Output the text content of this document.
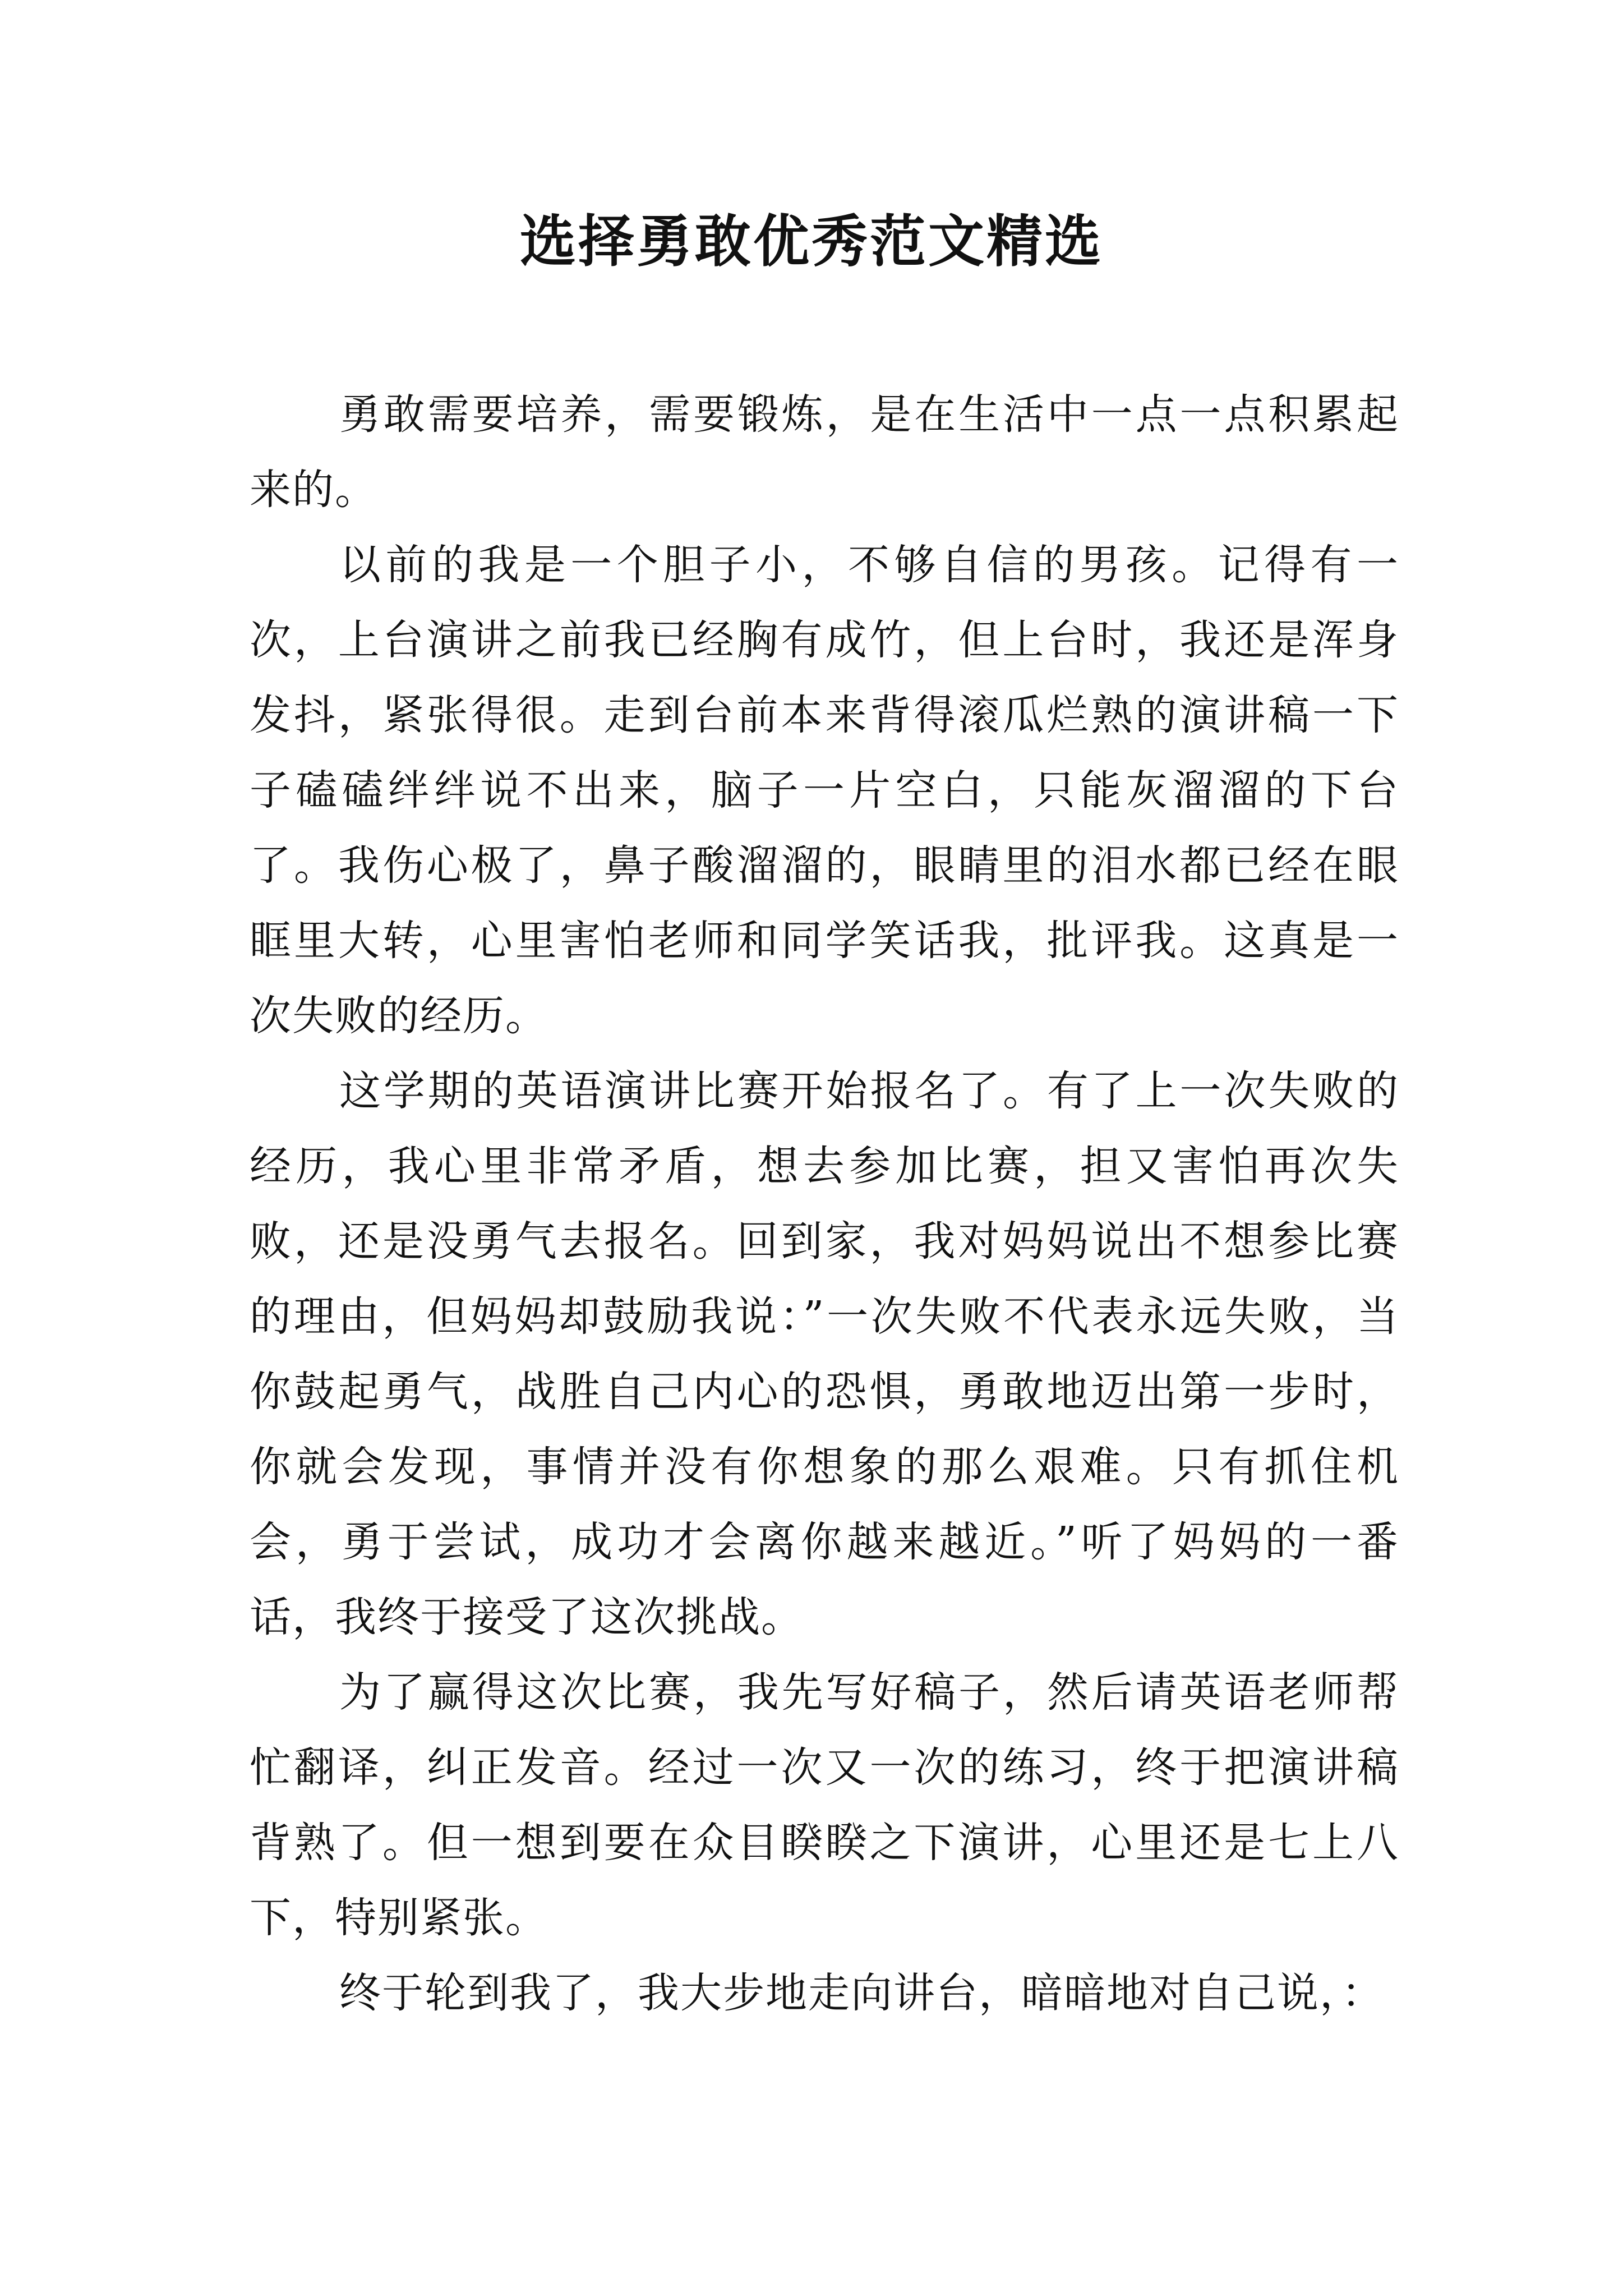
选择勇敢优秀范文精选

勇敢需要培养，需要锻炼，是在生活中一点一点积累起来的。

以前的我是一个胆子小，不够自信的男孩。记得有一次，上台演讲之前我已经胸有成竹，但上台时，我还是浑身发抖，紧张得很。走到台前本来背得滚瓜烂熟的演讲稿一下子磕磕绊绊说不出来，脑子一片空白，只能灰溜溜的下台了。我伤心极了，鼻子酸溜溜的，眼睛里的泪水都已经在眼眶里大转，心里害怕老师和同学笑话我，批评我。这真是一次失败的经历。

这学期的英语演讲比赛开始报名了。有了上一次失败的经历，我心里非常矛盾，想去参加比赛，担又害怕再次失败，还是没勇气去报名。回到家，我对妈妈说出不想参比赛的理由，但妈妈却鼓励我说：”一次失败不代表永远失败，当你鼓起勇气，战胜自己内心的恐惧，勇敢地迈出第一步时，你就会发现，事情并没有你想象的那么艰难。只有抓住机会，勇于尝试，成功才会离你越来越近。”听了妈妈的一番话，我终于接受了这次挑战。

为了赢得这次比赛，我先写好稿子，然后请英语老师帮忙翻译，纠正发音。经过一次又一次的练习，终于把演讲稿背熟了。但一想到要在众目睽睽之下演讲，心里还是七上八下，特别紧张。

终于轮到我了，我大步地走向讲台，暗暗地对自己说，：
